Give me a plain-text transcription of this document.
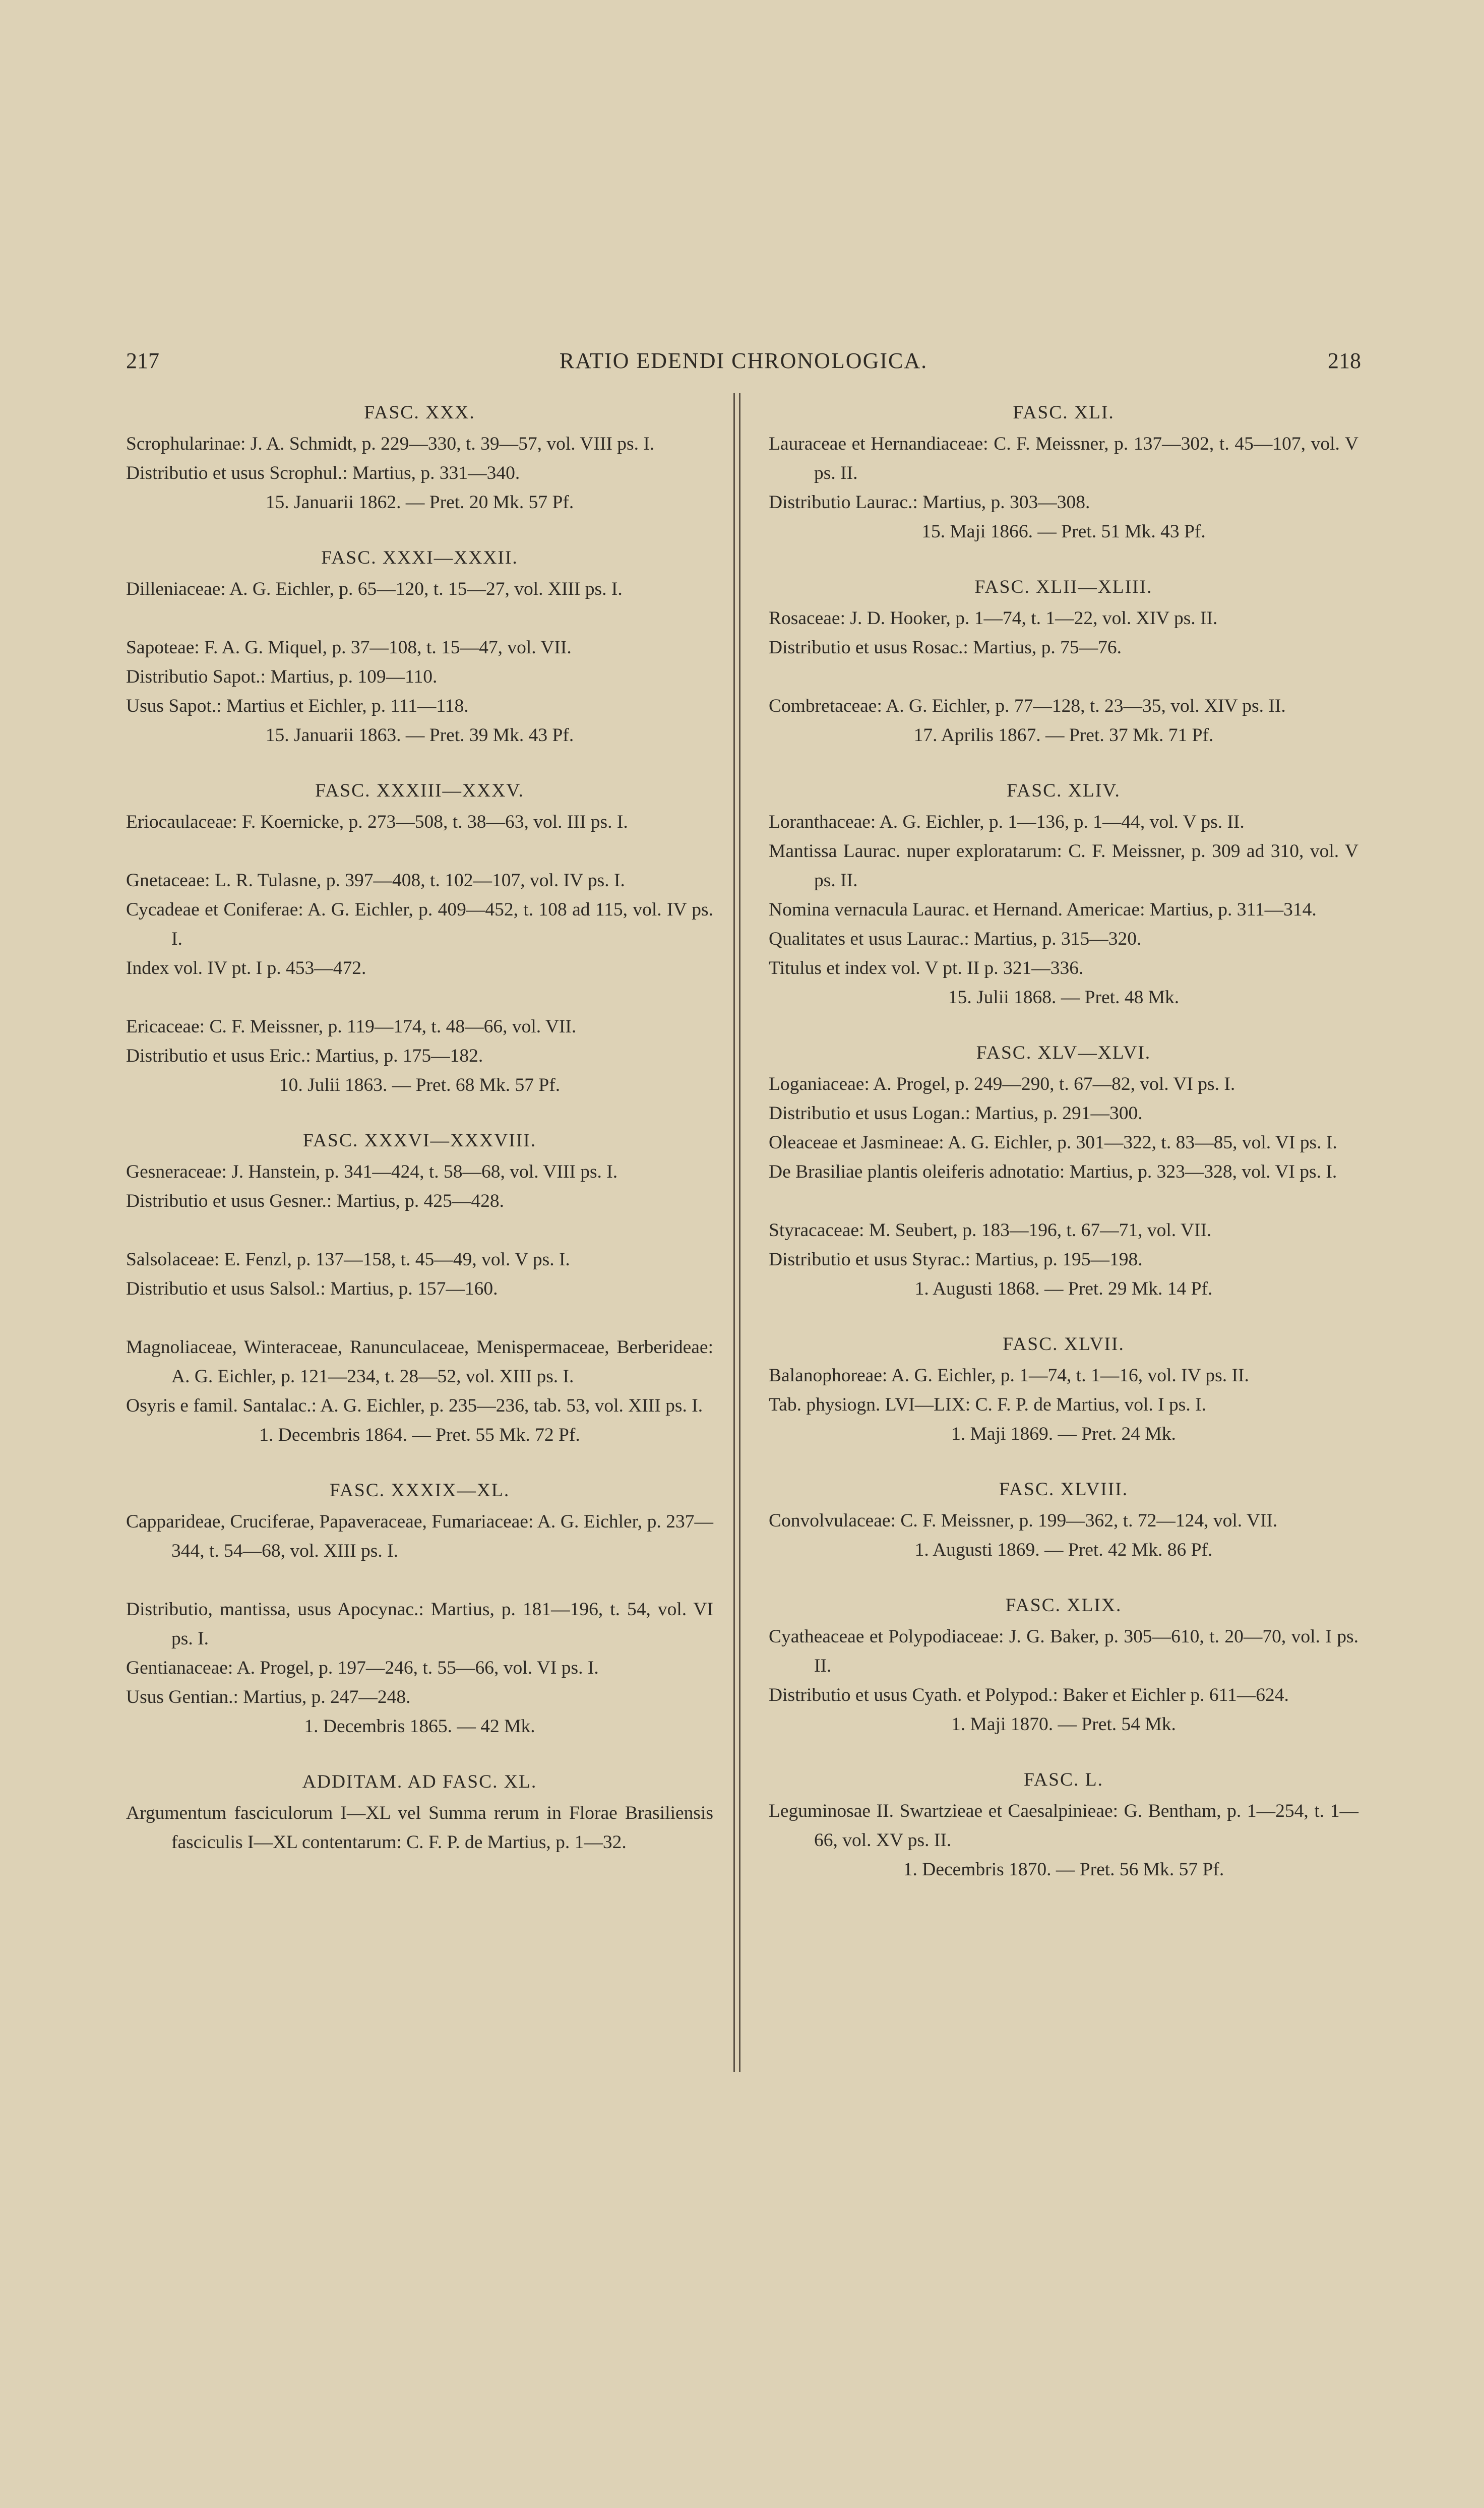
217	RATIO EDENDI CHRONOLOGICA.	218
FASC. XXX.

Scrophularinae: J. A. Schmidt, p. 229—330, t. 39—57, vol. VIII ps. I.

Distributio et usus Scrophul.: Martius, p. 331—340.

15. Januarii 1862. — Pret. 20 Mk. 57 Pf.

FASC. XXXI—XXXII.

Dilleniaceae: A. G. Eichler, p. 65—120, t. 15—27, vol. XIII ps. I.

Sapoteae: F. A. G. Miquel, p. 37—108, t. 15—47, vol. VII.

Distributio Sapot.: Martius, p. 109—110.

Usus Sapot.: Martius et Eichler, p. 111—118.

15. Januarii 1863. — Pret. 39 Mk. 43 Pf.

FASC. XXXIII—XXXV.

Eriocaulaceae: F. Koernicke, p. 273—508, t. 38—63, vol. III ps. I.

Gnetaceae: L. R. Tulasne, p. 397—408, t. 102—107, vol. IV ps. I.

Cycadeae et Coniferae: A. G. Eichler, p. 409—452, t. 108 ad 115, vol. IV ps. I.

Index vol. IV pt. I p. 453—472.

Ericaceae: C. F. Meissner, p. 119—174, t. 48—66, vol. VII.

Distributio et usus Eric.: Martius, p. 175—182.

10. Julii 1863. — Pret. 68 Mk. 57 Pf.

FASC. XXXVI—XXXVIII.

Gesneraceae: J. Hanstein, p. 341—424, t. 58—68, vol. VIII ps. I.

Distributio et usus Gesner.: Martius, p. 425—428.

Salsolaceae: E. Fenzl, p. 137—158, t. 45—49, vol. V ps. I.

Distributio et usus Salsol.: Martius, p. 157—160.

Magnoliaceae, Winteraceae, Ranunculaceae, Menispermaceae, Berberideae: A. G. Eichler, p. 121—234, t. 28—52, vol. XIII ps. I.

Osyris e famil. Santalac.: A. G. Eichler, p. 235—236, tab. 53, vol. XIII ps. I.

1. Decembris 1864. — Pret. 55 Mk. 72 Pf.

FASC. XXXIX—XL.

Capparideae, Cruciferae, Papaveraceae, Fumariaceae: A. G. Eichler, p. 237—344, t. 54—68, vol. XIII ps. I.

Distributio, mantissa, usus Apocynac.: Martius, p. 181—196, t. 54, vol. VI ps. I.

Gentianaceae: A. Progel, p. 197—246, t. 55—66, vol. VI ps. I.

Usus Gentian.: Martius, p. 247—248.

1. Decembris 1865. — 42 Mk.

ADDITAM. AD FASC. XL.

Argumentum fasciculorum I—XL vel Summa rerum in Florae Brasiliensis fasciculis I—XL contentarum: C. F. P. de Martius, p. 1—32.

FASC. XLI.

Lauraceae et Hernandiaceae: C. F. Meissner, p. 137—302, t. 45—107, vol. V ps. II.

Distributio Laurac.: Martius, p. 303—308.

15. Maji 1866. — Pret. 51 Mk. 43 Pf.

FASC. XLII—XLIII.

Rosaceae: J. D. Hooker, p. 1—74, t. 1—22, vol. XIV ps. II.

Distributio et usus Rosac.: Martius, p. 75—76.

Combretaceae: A. G. Eichler, p. 77—128, t. 23—35, vol. XIV ps. II.

17. Aprilis 1867. — Pret. 37 Mk. 71 Pf.

FASC. XLIV.

Loranthaceae: A. G. Eichler, p. 1—136, p. 1—44, vol. V ps. II.

Mantissa Laurac. nuper exploratarum: C. F. Meissner, p. 309 ad 310, vol. V ps. II.

Nomina vernacula Laurac. et Hernand. Americae: Martius, p. 311—314.

Qualitates et usus Laurac.: Martius, p. 315—320.

Titulus et index vol. V pt. II p. 321—336.

15. Julii 1868. — Pret. 48 Mk.

FASC. XLV—XLVI.

Loganiaceae: A. Progel, p. 249—290, t. 67—82, vol. VI ps. I.

Distributio et usus Logan.: Martius, p. 291—300.

Oleaceae et Jasmineae: A. G. Eichler, p. 301—322, t. 83—85, vol. VI ps. I.

De Brasiliae plantis oleiferis adnotatio: Martius, p. 323—328, vol. VI ps. I.

Styracaceae: M. Seubert, p. 183—196, t. 67—71, vol. VII.

Distributio et usus Styrac.: Martius, p. 195—198.

1. Augusti 1868. — Pret. 29 Mk. 14 Pf.

FASC. XLVII.

Balanophoreae: A. G. Eichler, p. 1—74, t. 1—16, vol. IV ps. II.

Tab. physiogn. LVI—LIX: C. F. P. de Martius, vol. I ps. I.

1. Maji 1869. — Pret. 24 Mk.

FASC. XLVIII.

Convolvulaceae: C. F. Meissner, p. 199—362, t. 72—124, vol. VII.

1. Augusti 1869. — Pret. 42 Mk. 86 Pf.

FASC. XLIX.

Cyatheaceae et Polypodiaceae: J. G. Baker, p. 305—610, t. 20—70, vol. I ps. II.

Distributio et usus Cyath. et Polypod.: Baker et Eichler p. 611—624.

1. Maji 1870. — Pret. 54 Mk.

FASC. L.

Leguminosae II. Swartzieae et Caesalpinieae: G. Bentham, p. 1—254, t. 1—66, vol. XV ps. II.

1. Decembris 1870. — Pret. 56 Mk. 57 Pf.
